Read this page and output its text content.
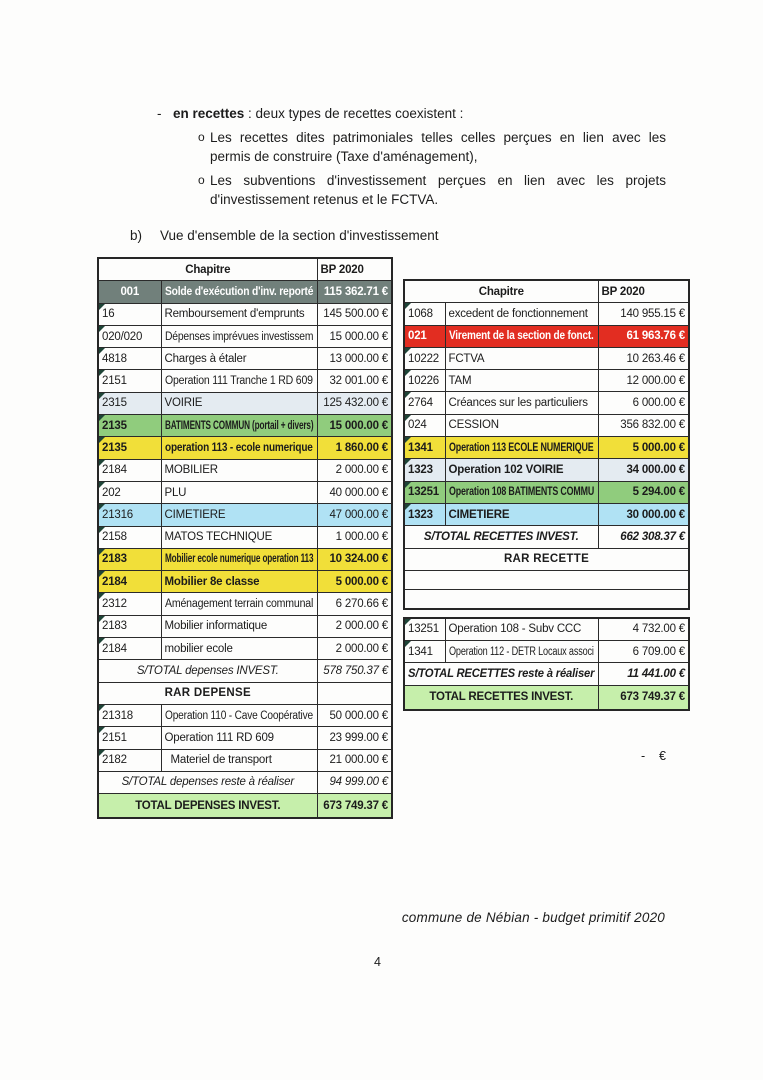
- en recettes : deux types de recettes coexistent :

o Les recettes dites patrimoniales telles celles perçues en lien avec les permis de construire (Taxe d'aménagement),

o Les subventions d'investissement perçues en lien avec les projets d'investissement retenus et le FCTVA.

b)	Vue d'ensemble de la section d'investissement

Chapitre		BP 2020
001	Solde d'exécution d'inv. reporté	115 362.71 €
16	Remboursement d'emprunts	145 500.00 €
020/020	Dépenses imprévues investissem	15 000.00 €
4818	Charges à étaler	13 000.00 €
2151	Operation 111 Tranche 1 RD 609	32 001.00 €
2315	VOIRIE	125 432.00 €
2135	BATIMENTS COMMUN (portail + divers)	15 000.00 €
2135	operation 113 - ecole numerique	1 860.00 €
2184	MOBILIER	2 000.00 €
202	PLU	40 000.00 €
21316	CIMETIERE	47 000.00 €
2158	MATOS TECHNIQUE	1 000.00 €
2183	Mobilier ecole numerique operation 113	10 324.00 €
2184	Mobilier 8e classe	5 000.00 €
2312	Aménagement terrain communal	6 270.66 €
2183	Mobilier informatique	2 000.00 €
2184	mobilier ecole	2 000.00 €
S/TOTAL depenses INVEST.		578 750.37 €
RAR DEPENSE		
21318	Operation 110 - Cave Coopérative	50 000.00 €
2151	Operation 111 RD 609	23 999.00 €
2182	Materiel de transport	21 000.00 €
S/TOTAL depenses reste à réaliser		94 999.00 €
TOTAL DEPENSES INVEST.		673 749.37 €
Chapitre		BP 2020
1068	excedent de fonctionnement	140 955.15 €
021	Virement de la section de fonct.	61 963.76 €
10222	FCTVA	10 263.46 €
10226	TAM	12 000.00 €
2764	Créances sur les particuliers	6 000.00 €
024	CESSION	356 832.00 €
1341	Operation 113 ECOLE NUMERIQUE	5 000.00 €
1323	Operation 102 VOIRIE	34 000.00 €
13251	Operation 108 BATIMENTS COMMU	5 294.00 €
1323	CIMETIERE	30 000.00 €
S/TOTAL RECETTES INVEST.		662 308.37 €
RAR RECETTE		

13251	Operation 108 - Subv CCC	4 732.00 €
1341	Operation 112 - DETR Locaux associ	6 709.00 €
S/TOTAL RECETTES reste à réaliser		11 441.00 €
TOTAL RECETTES INVEST.		673 749.37 €
-    €
commune de Nébian - budget primitif 2020
4
